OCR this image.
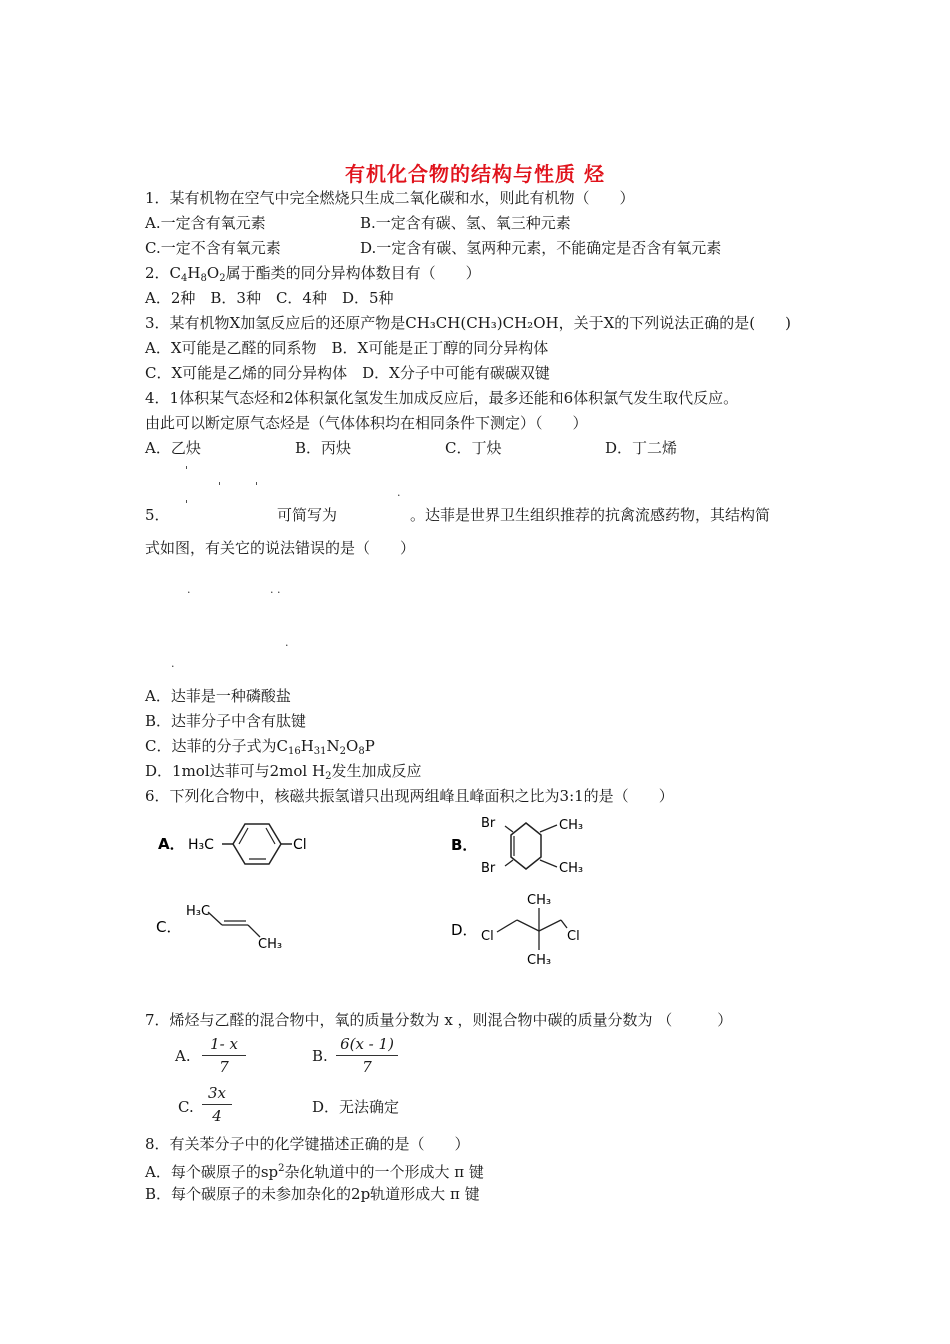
有机化合物的结构与性质 烃
1．某有机物在空气中完全燃烧只生成二氧化碳和水，则此有机物（　　）
A.一定含有氧元素	B.一定含有碳、氢、氧三种元素
C.一定不含有氧元素	D.一定含有碳、氢两种元素，不能确定是否含有氧元素
2．$C_4H_8O_2$属于酯类的同分异构体数目有（　　）
A．2种　B．3种　C．4种　D．5种
3．某有机物X加氢反应后的还原产物是CH₃CH(CH₃)CH₂OH，关于X的下列说法正确的是(　　)
A．X可能是乙醛的同系物　B．X可能是正丁醇的同分异构体
C．X可能是乙烯的同分异构体　D．X分子中可能有碳碳双键
4．1体积某气态烃和2体积氯化氢发生加成反应后，最多还能和6体积氯气发生取代反应。
由此可以断定原气态烃是（气体体积均在相同条件下测定）（　　）
A．乙炔	B．丙炔	C．丁炔	D．丁二烯
'
'	'	.
'
5．	可简写为	。达菲是世界卫生组织推荐的抗禽流感药物，其结构简
式如图，有关它的说法错误的是（　　）
.	. .
.
.
A．达菲是一种磷酸盐
B．达菲分子中含有肽键
C．达菲的分子式为$C_{16}H_{31}N_2O_8P$
D．1mol达菲可与2mol $H_2$发生加成反应
6．下列化合物中，核磁共振氢谱只出现两组峰且峰面积之比为3:1的是（　　）
A． H₃C	Cl	B．
Br
Br
CH₃
CH₃
C．
H₃C
CH₃
D． Cl	Cl
CH₃
CH₃
7．烯烃与乙醛的混合物中，氧的质量分数为 x ，则混合物中碳的质量分数为 （　　　）
A. $\frac{1- x}{7}$	B. $\frac{6(x - 1)}{7}$
C. $\frac{3x}{4}$	D．无法确定
8．有关苯分子中的化学键描述正确的是（　　）
A．每个碳原子的$sp^2$杂化轨道中的一个形成大 π 键
B．每个碳原子的未参加杂化的2p轨道形成大 π 键
